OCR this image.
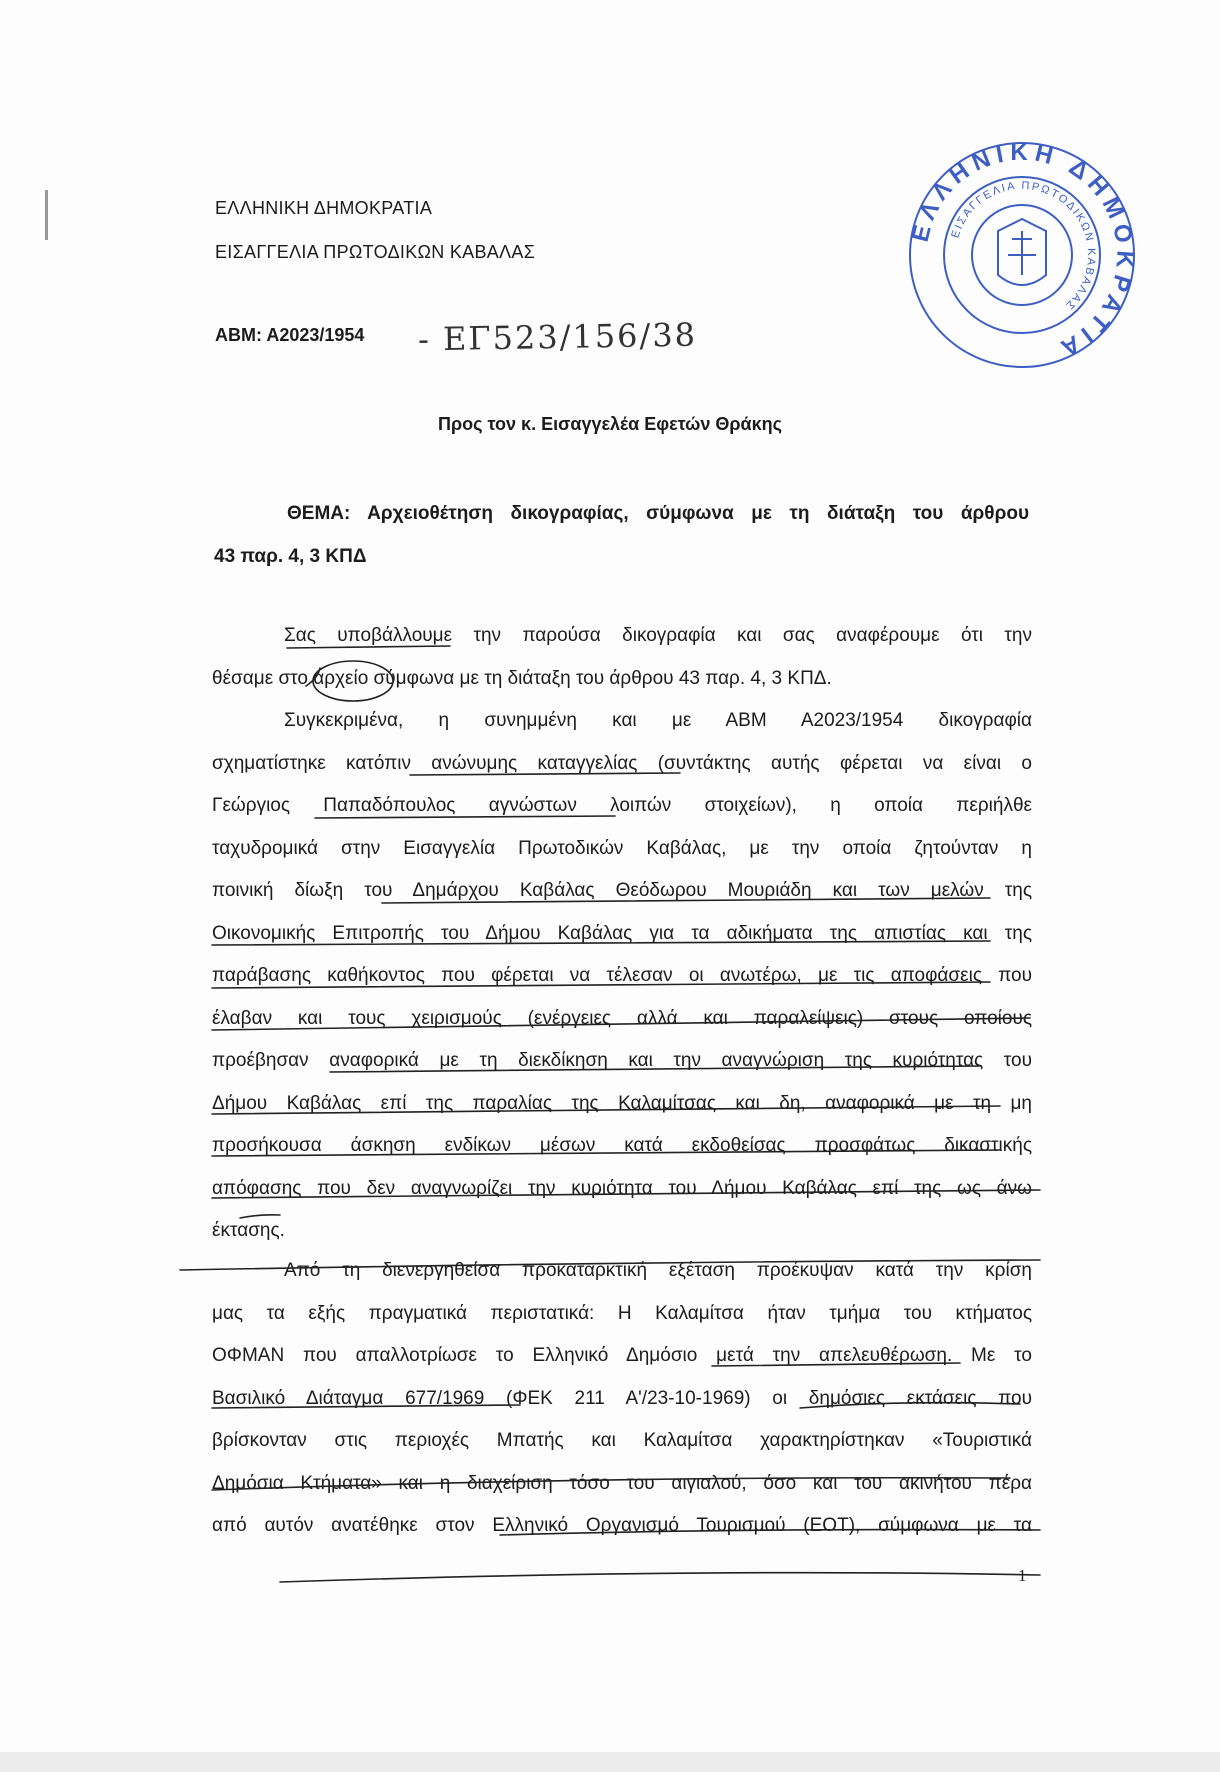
ΕΛΛΗΝΙΚΗ ΔΗΜΟΚΡΑΤΙΑ
ΕΙΣΑΓΓΕΛΙΑ ΠΡΩΤΟΔΙΚΩΝ ΚΑΒΑΛΑΣ
ΑΒΜ: Α2023/1954 - ΕΓ523/156/38
ΕΛΛΗΝΙΚΗ ΔΗΜΟΚΡΑΤΙΑ
ΕΙΣΑΓΓΕΛΙΑ ΠΡΩΤΟΔΙΚΩΝ ΚΑΒΑΛΑΣ
Προς τον κ. Εισαγγελέα Εφετών Θράκης
ΘΕΜΑ: Αρχειοθέτηση δικογραφίας, σύμφωνα με τη διάταξη του άρθρου
43 παρ. 4, 3 ΚΠΔ
Σας υποβάλλουμε την παρούσα δικογραφία και σας αναφέρουμε ότι την
θέσαμε στο αρχείο σύμφωνα με τη διάταξη του άρθρου 43 παρ. 4, 3 ΚΠΔ.
Συγκεκριμένα, η συνημμένη και με ΑΒΜ Α2023/1954 δικογραφία
σχηματίστηκε κατόπιν ανώνυμης καταγγελίας (συντάκτης αυτής φέρεται να είναι ο
Γεώργιος Παπαδόπουλος αγνώστων λοιπών στοιχείων), η οποία περιήλθε
ταχυδρομικά στην Εισαγγελία Πρωτοδικών Καβάλας, με την οποία ζητούνταν η
ποινική δίωξη του Δημάρχου Καβάλας Θεόδωρου Μουριάδη και των μελών της
Οικονομικής Επιτροπής του Δήμου Καβάλας για τα αδικήματα της απιστίας και της
παράβασης καθήκοντος που φέρεται να τέλεσαν οι ανωτέρω, με τις αποφάσεις που
έλαβαν και τους χειρισμούς (ενέργειες αλλά και παραλείψεις) στους οποίους
προέβησαν αναφορικά με τη διεκδίκηση και την αναγνώριση της κυριότητας του
Δήμου Καβάλας επί της παραλίας της Καλαμίτσας και δη, αναφορικά με τη μη
προσήκουσα άσκηση ενδίκων μέσων κατά εκδοθείσας προσφάτως δικαστικής
απόφασης που δεν αναγνωρίζει την κυριότητα του Δήμου Καβάλας επί της ως άνω
έκτασης.
Από τη διενεργηθείσα προκαταρκτική εξέταση προέκυψαν κατά την κρίση
μας τα εξής πραγματικά περιστατικά: Η Καλαμίτσα ήταν τμήμα του κτήματος
ΟΦΜΑΝ που απαλλοτρίωσε το Ελληνικό Δημόσιο μετά την απελευθέρωση. Με το
Βασιλικό Διάταγμα 677/1969 (ΦΕΚ 211 Α'/23-10-1969) οι δημόσιες εκτάσεις που
βρίσκονταν στις περιοχές Μπατής και Καλαμίτσα χαρακτηρίστηκαν «Τουριστικά
Δημόσια Κτήματα» και η διαχείριση τόσο του αιγιαλού, όσο και του ακινήτου πέρα
από αυτόν ανατέθηκε στον Ελληνικό Οργανισμό Τουρισμού (ΕΟΤ), σύμφωνα με τα
1
